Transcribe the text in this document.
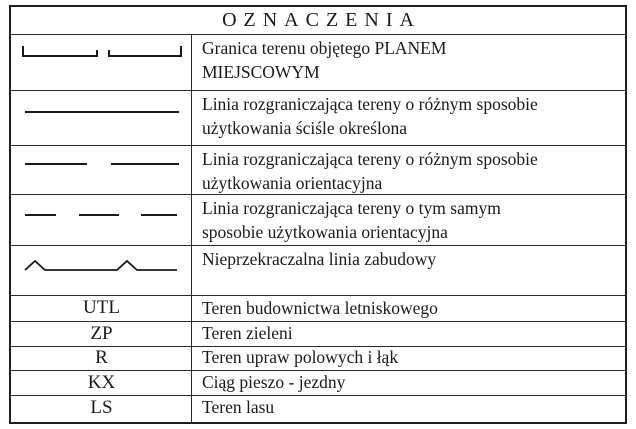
OZNACZENIA
Granica terenu objętego PLANEM
MIEJSCOWYM
Linia rozgraniczająca tereny o różnym sposobie
użytkowania ściśle określona
Linia rozgraniczająca tereny o różnym sposobie
użytkowania orientacyjna
Linia rozgraniczająca tereny o tym samym
sposobie użytkowania orientacyjna
Nieprzekraczalna linia zabudowy
UTL	Teren budownictwa letniskowego
ZP	Teren zieleni
R	Teren upraw polowych i łąk
KX	Ciąg pieszo - jezdny
LS	Teren lasu
